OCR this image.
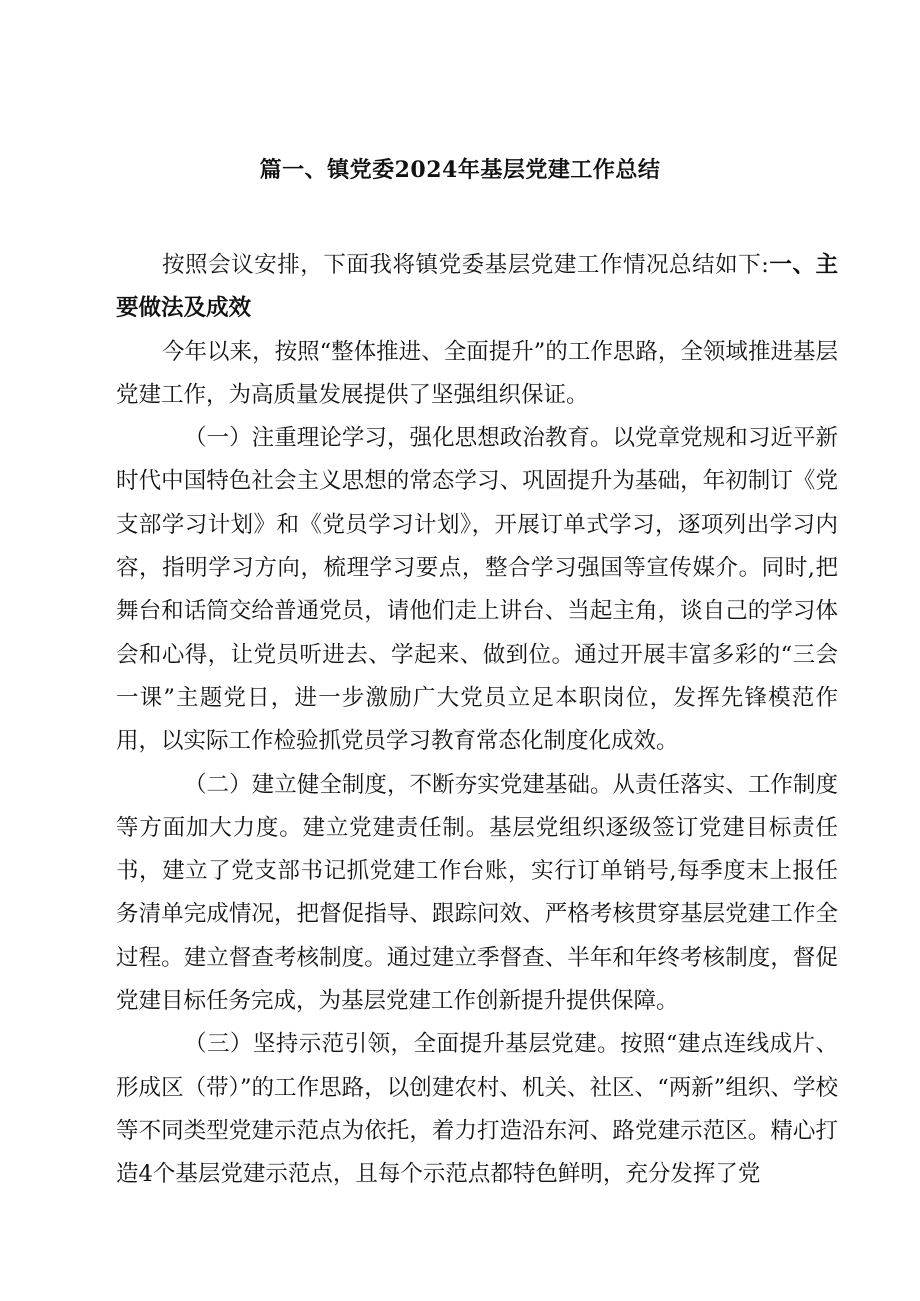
篇一、镇党委2024年基层党建工作总结

按照会议安排，下面我将镇党委基层党建工作情况总结如下:一、主要做法及成效

今年以来，按照“整体推进、全面提升”的工作思路，全领域推进基层党建工作，为高质量发展提供了坚强组织保证。

（一）注重理论学习，强化思想政治教育。以党章党规和习近平新时代中国特色社会主义思想的常态学习、巩固提升为基础，年初制订《党支部学习计划》和《党员学习计划》，开展订单式学习，逐项列出学习内容，指明学习方向，梳理学习要点，整合学习强国等宣传媒介。同时,把舞台和话筒交给普通党员，请他们走上讲台、当起主角，谈自己的学习体会和心得，让党员听进去、学起来、做到位。通过开展丰富多彩的“三会一课”主题党日，进一步激励广大党员立足本职岗位，发挥先锋模范作用，以实际工作检验抓党员学习教育常态化制度化成效。

（二）建立健全制度，不断夯实党建基础。从责任落实、工作制度等方面加大力度。建立党建责任制。基层党组织逐级签订党建目标责任书，建立了党支部书记抓党建工作台账，实行订单销号,每季度末上报任务清单完成情况，把督促指导、跟踪问效、严格考核贯穿基层党建工作全过程。建立督查考核制度。通过建立季督查、半年和年终考核制度，督促党建目标任务完成，为基层党建工作创新提升提供保障。

（三）坚持示范引领，全面提升基层党建。按照“建点连线成片、形成区（带）”的工作思路，以创建农村、机关、社区、“两新”组织、学校等不同类型党建示范点为依托，着力打造沿东河、路党建示范区。精心打造4个基层党建示范点，且每个示范点都特色鲜明，充分发挥了党
